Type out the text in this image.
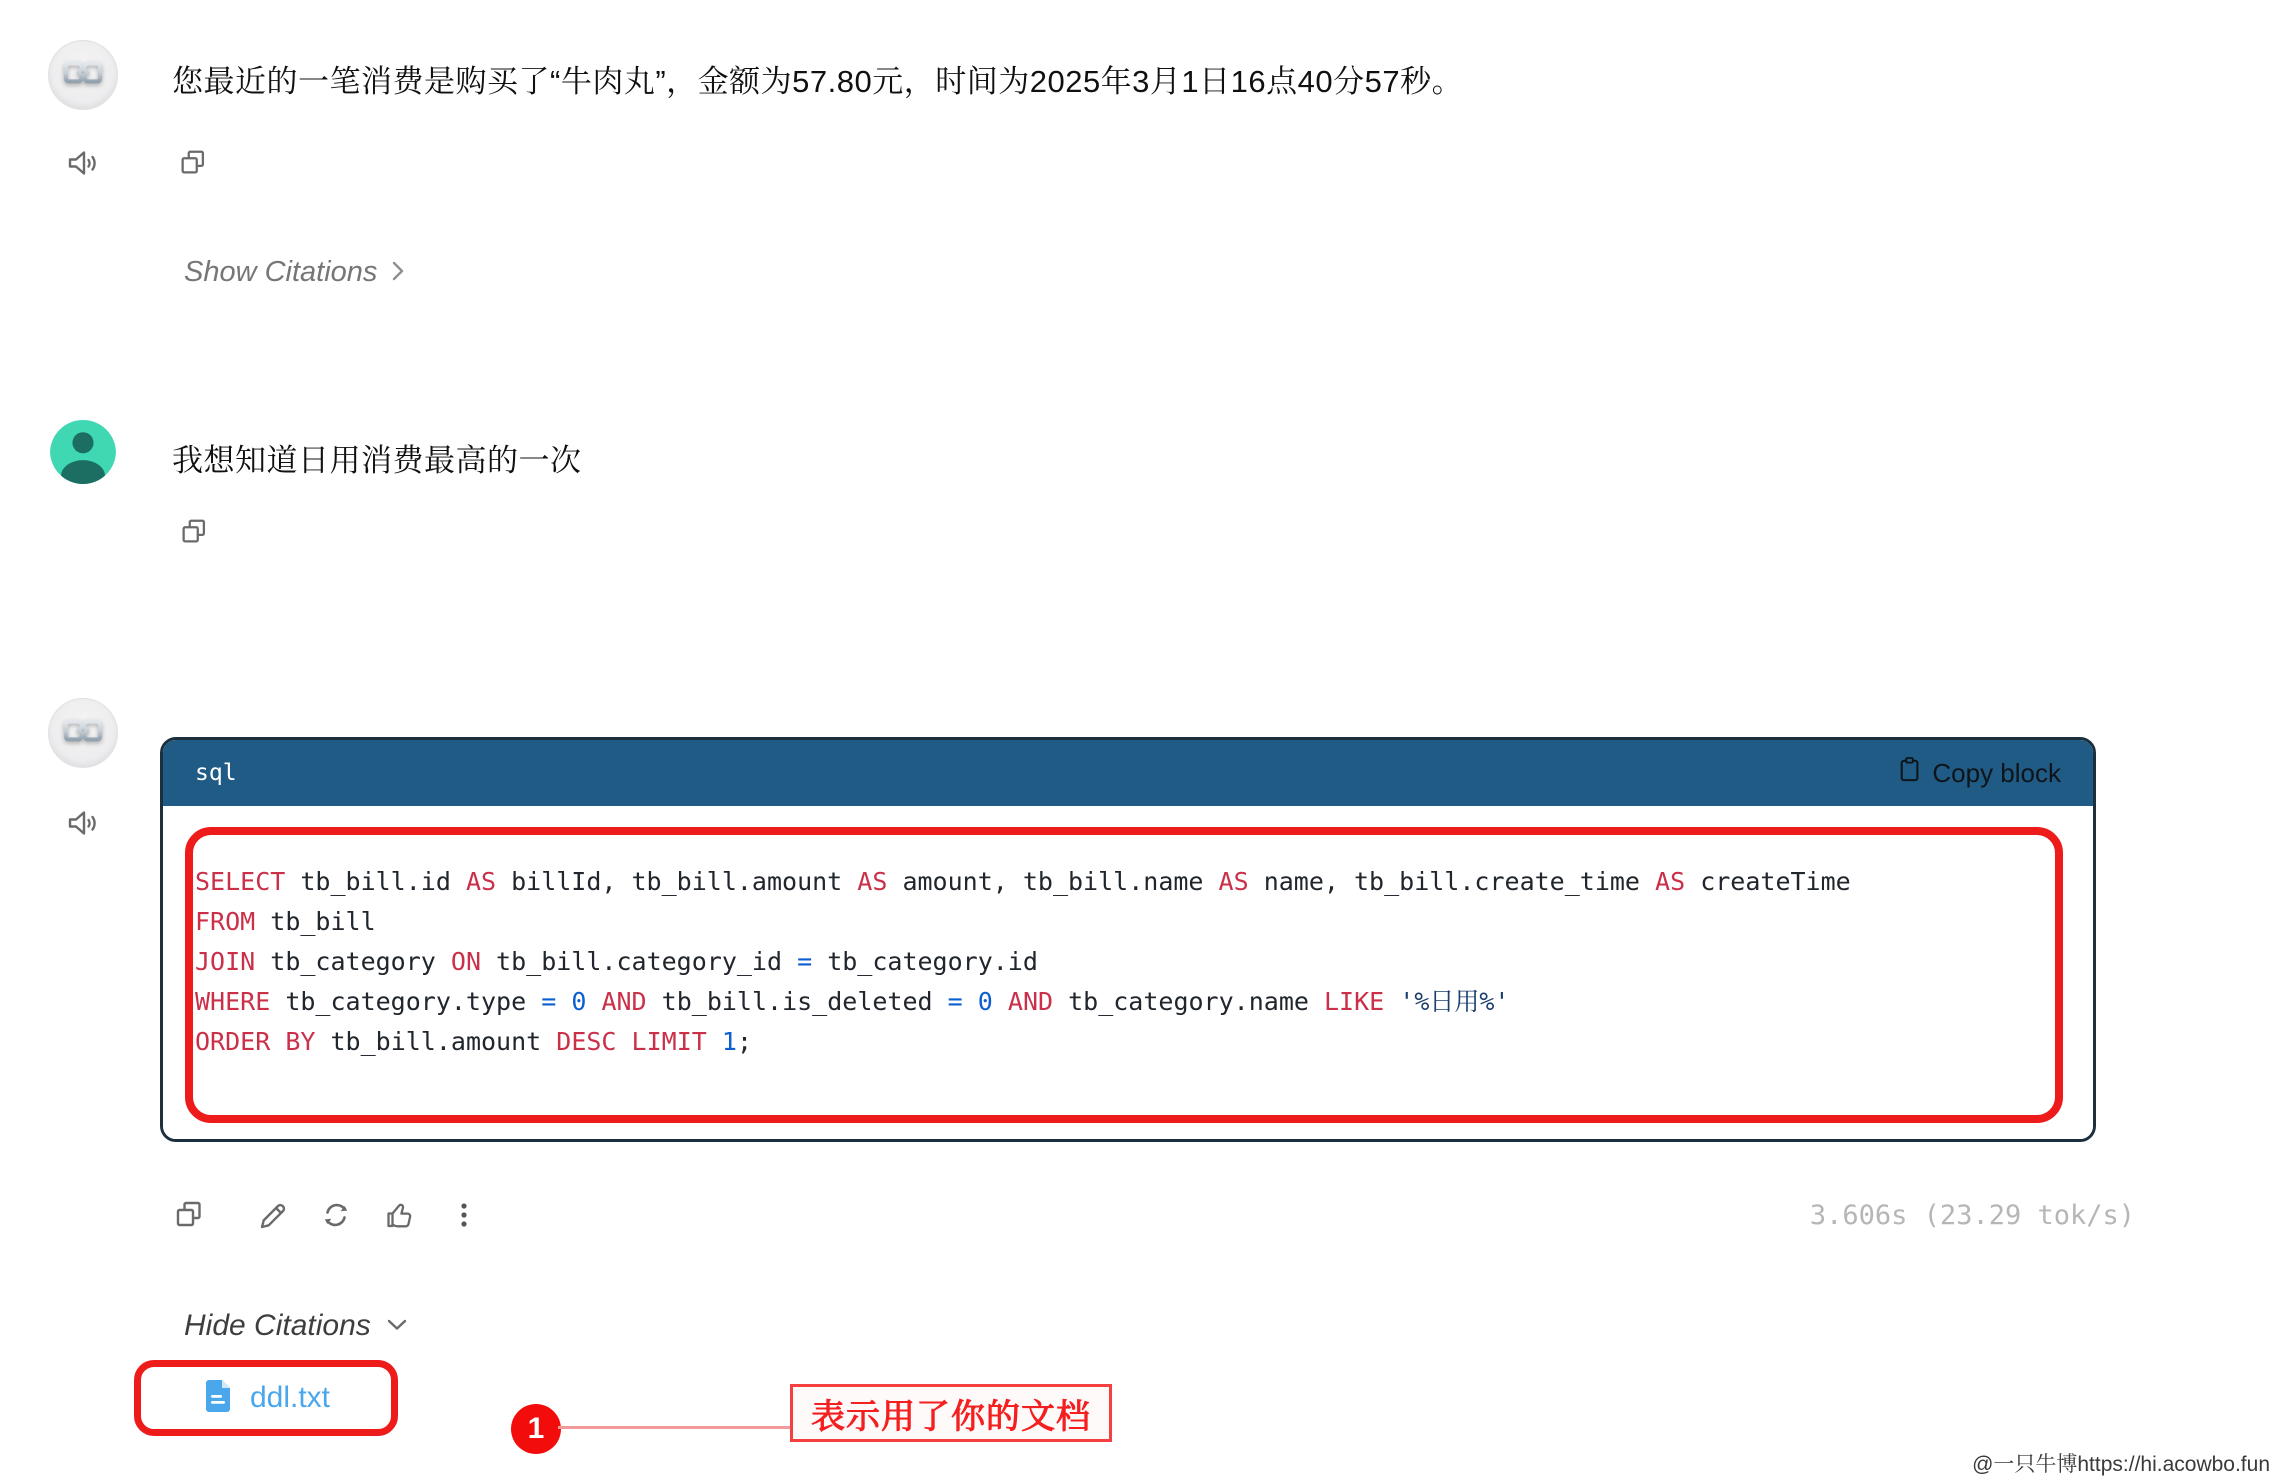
您最近的一笔消费是购买了“牛肉丸”，金额为57.80元，时间为2025年3月1日16点40分57秒。
Show Citations
我想知道日用消费最高的一次
sql	Copy block
SELECT tb_bill.id AS billId, tb_bill.amount AS amount, tb_bill.name AS name, tb_bill.create_time AS createTime
FROM tb_bill
JOIN tb_category ON tb_bill.category_id = tb_category.id
WHERE tb_category.type = 0 AND tb_bill.is_deleted = 0 AND tb_category.name LIKE '%日用%'
ORDER BY tb_bill.amount DESC LIMIT 1;
3.606s (23.29 tok/s)
Hide Citations
ddl.txt
1	表示用了你的文档
@一只牛博https://hi.acowbo.fun
